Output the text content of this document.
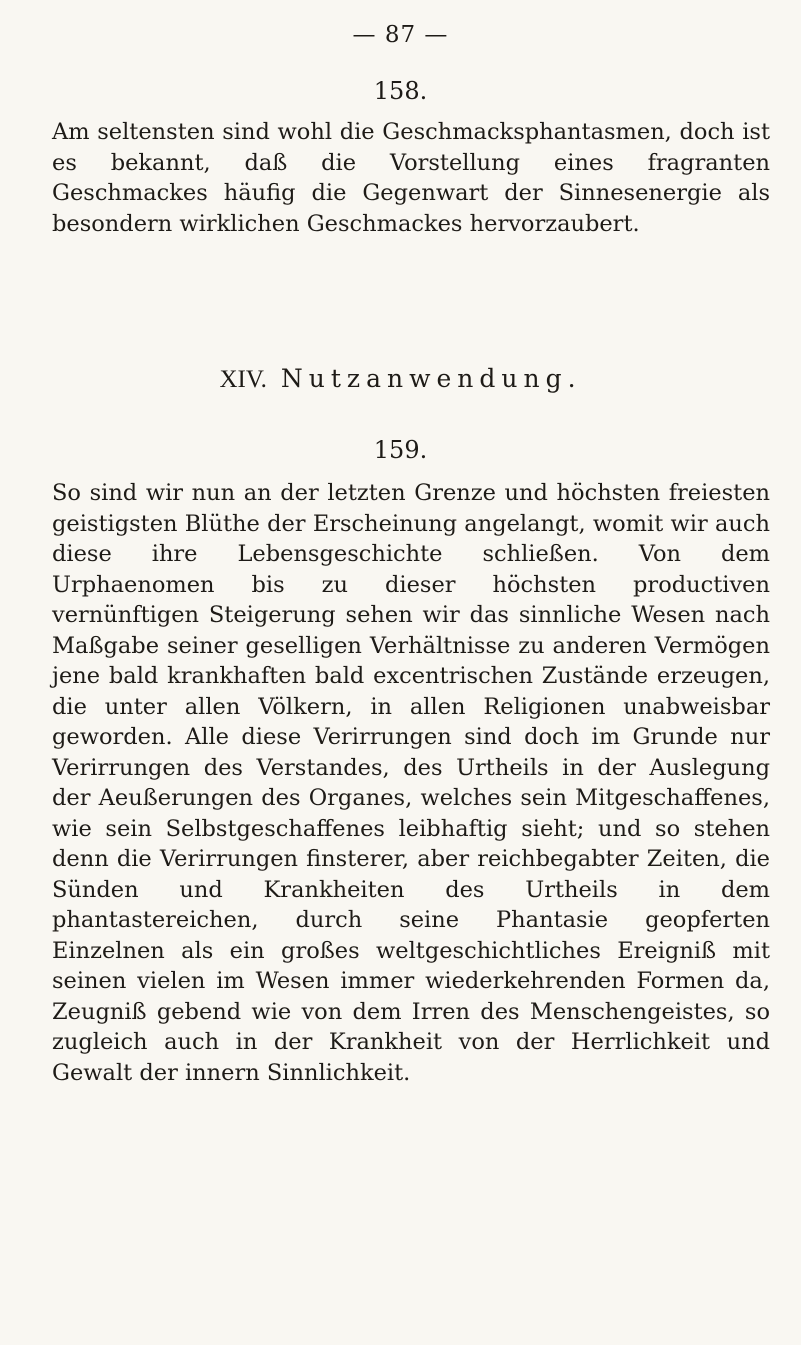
— 87 —
158.

Am seltensten sind wohl die Geschmacksphantasmen, doch ist es bekannt, daß die Vorstellung eines fragranten Geschmackes häufig die Gegenwart der Sinnesenergie als besondern wirklichen Geschmackes hervorzaubert.

XIV. Nutzanwendung.
159.

So sind wir nun an der letzten Grenze und höchsten freiesten geistigsten Blüthe der Erscheinung angelangt, womit wir auch diese ihre Lebensgeschichte schließen. Von dem Urphaenomen bis zu dieser höchsten productiven vernünftigen Steigerung sehen wir das sinnliche Wesen nach Maßgabe seiner geselligen Verhältnisse zu anderen Vermögen jene bald krankhaften bald excentrischen Zustände erzeugen, die unter allen Völkern, in allen Religionen unabweisbar geworden. Alle diese Verirrungen sind doch im Grunde nur Verirrungen des Verstandes, des Urtheils in der Auslegung der Aeußerungen des Organes, welches sein Mitgeschaffenes, wie sein Selbstgeschaffenes leibhaftig sieht; und so stehen denn die Verirrungen finsterer, aber reichbegabter Zeiten, die Sünden und Krankheiten des Urtheils in dem phantastereichen, durch seine Phantasie geopferten Einzelnen als ein großes weltgeschichtliches Ereigniß mit seinen vielen im Wesen immer wiederkehrenden Formen da, Zeugniß gebend wie von dem Irren des Menschengeistes, so zugleich auch in der Krankheit von der Herrlichkeit und Gewalt der innern Sinnlichkeit.
